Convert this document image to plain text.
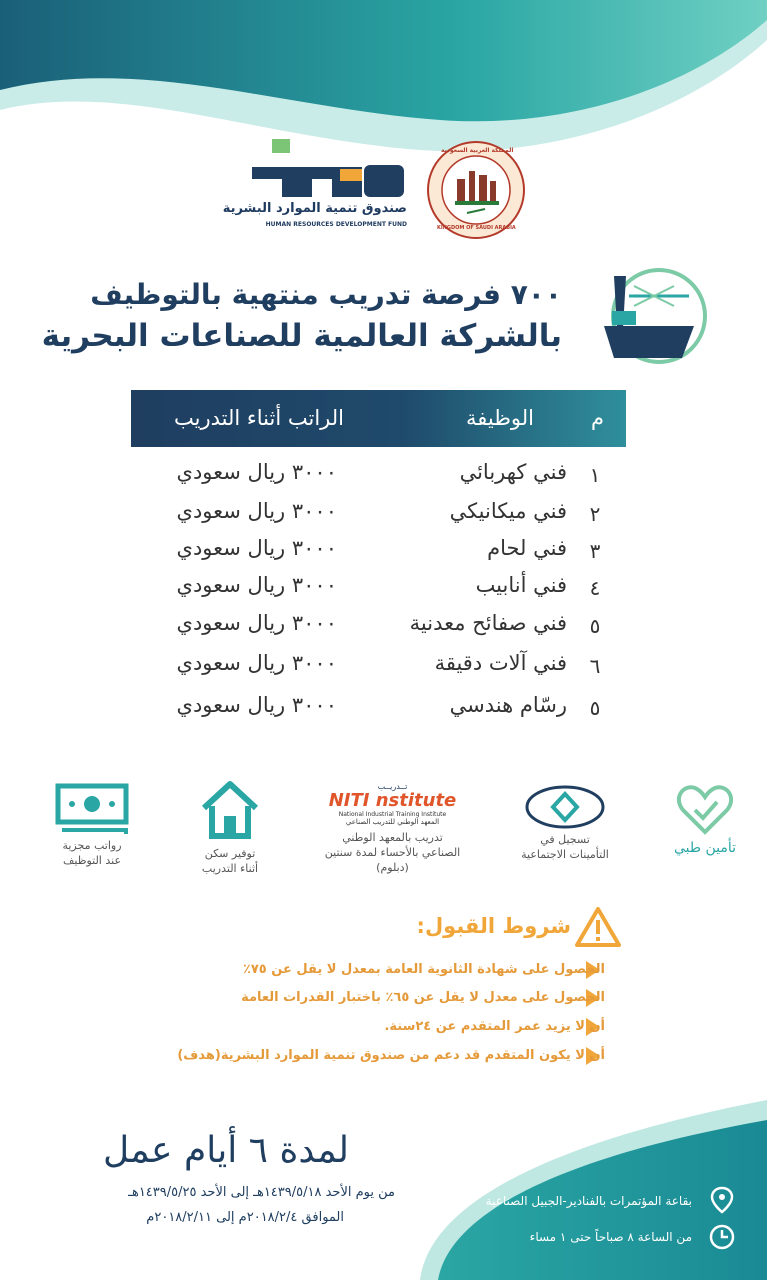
صندوق تنمية الموارد البشرية
HUMAN RESOURCES DEVELOPMENT FUND
المملكة العربية السعودية
KINGDOM OF SAUDI ARABIA
٧٠٠ فرصة تدريب منتهية بالتوظيف
بالشركة العالمية للصناعات البحرية
م
الوظيفة
الراتب أثناء التدريب
١
فني كهربائي
٣٠٠٠ ريال سعودي
٢
فني ميكانيكي
٣٠٠٠ ريال سعودي
٣
فني لحام
٣٠٠٠ ريال سعودي
٤
فني أنابيب
٣٠٠٠ ريال سعودي
٥
فني صفائح معدنية
٣٠٠٠ ريال سعودي
٦
فني آلات دقيقة
٣٠٠٠ ريال سعودي
٥
رسّام هندسي
٣٠٠٠ ريال سعودي
تأمين طبي
تسجيل في
التأمينات الاجتماعية
تــدريــب
NITI nstitute
National Industrial Training Institute
المعهد الوطني للتدريب الصناعي
تدريب بالمعهد الوطني
الصناعي بالأحساء لمدة سنتين
(دبلوم)
توفير سكن
أثناء التدريب
رواتب مجزية
عند التوظيف
شروط القبول:
الحصول على شهادة الثانوية العامة بمعدل لا يقل عن ٧٥٪
الحصول على معدل لا يقل عن ٦٥٪ باختبار القدرات العامة
أن لا يزيد عمر المتقدم عن ٢٤سنة.
أن لا يكون المتقدم قد دعم من صندوق تنمية الموارد البشرية(هدف)
لمدة ٦ أيام عمل
من يوم الأحد ١٤٣٩/٥/١٨هـ إلى الأحد ١٤٣٩/٥/٢٥هـ
الموافق ٢٠١٨/٢/٤م إلى ٢٠١٨/٢/١١م
بقاعة المؤتمرات بالفنادير-الجبيل الصناعية
من الساعة ٨ صباحاً حتى ١ مساء
